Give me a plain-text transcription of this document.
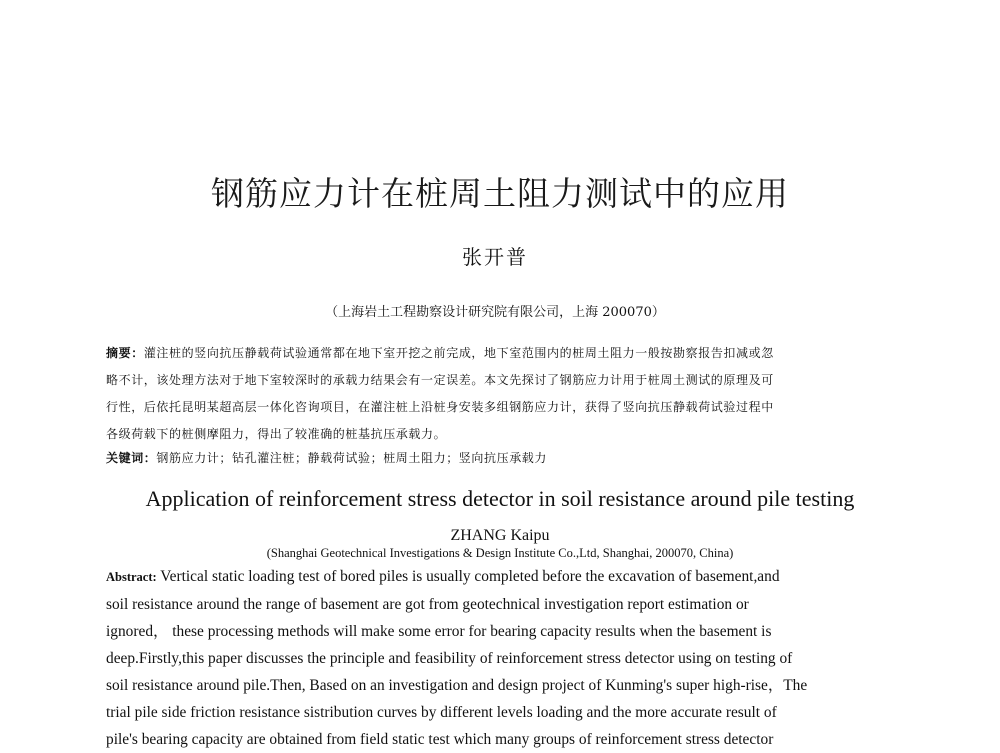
钢筋应力计在桩周土阻力测试中的应用
张开普
（上海岩土工程勘察设计研究院有限公司，上海 200070）
摘要：灌注桩的竖向抗压静载荷试验通常都在地下室开挖之前完成，地下室范围内的桩周土阻力一般按勘察报告扣减或忽
略不计，该处理方法对于地下室较深时的承载力结果会有一定误差。本文先探讨了钢筋应力计用于桩周土测试的原理及可
行性，后依托昆明某超高层一体化咨询项目，在灌注桩上沿桩身安装多组钢筋应力计，获得了竖向抗压静载荷试验过程中
各级荷载下的桩侧摩阻力，得出了较准确的桩基抗压承载力。
关键词：钢筋应力计；钻孔灌注桩；静载荷试验；桩周土阻力；竖向抗压承载力
Application of reinforcement stress detector in soil resistance around pile testing
ZHANG Kaipu
(Shanghai Geotechnical Investigations & Design Institute Co.,Ltd, Shanghai, 200070, China)
Abstract: Vertical static loading test of bored piles is usually completed before the excavation of basement,and
soil resistance around the range of basement are got from geotechnical investigation report estimation or
ignored， these processing methods will make some error for bearing capacity results when the basement is
deep.Firstly,this paper discusses the principle and feasibility of reinforcement stress detector using on testing of
soil resistance around pile.Then, Based on an investigation and design project of Kunming's super high-rise，The
trial pile side friction resistance sistribution curves by different levels loading and the more accurate result of
pile's bearing capacity are obtained from field static test which many groups of reinforcement stress detector
